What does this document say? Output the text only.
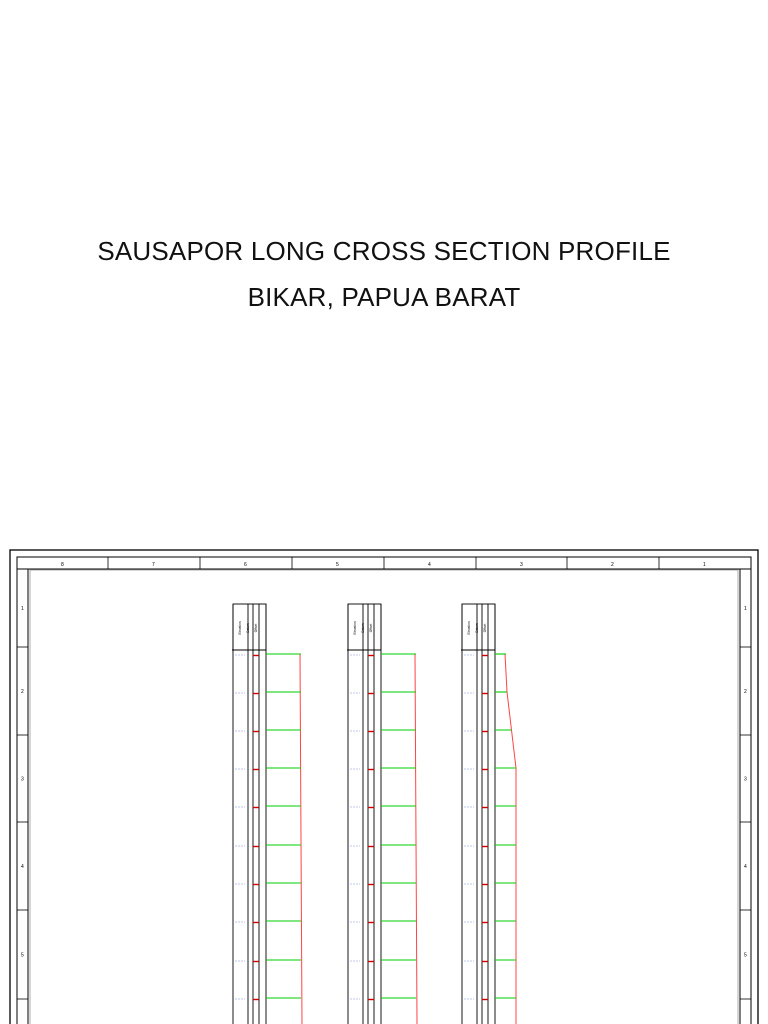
SAUSAPOR LONG CROSS SECTION PROFILE
BIKAR, PAPUA BARAT
8	7	6	5	4	3	2	1
1
2
3
4
5
1
2
3
4
5
Elevation Datum Offset	Elevation Datum Offset	Elevation Datum Offset
